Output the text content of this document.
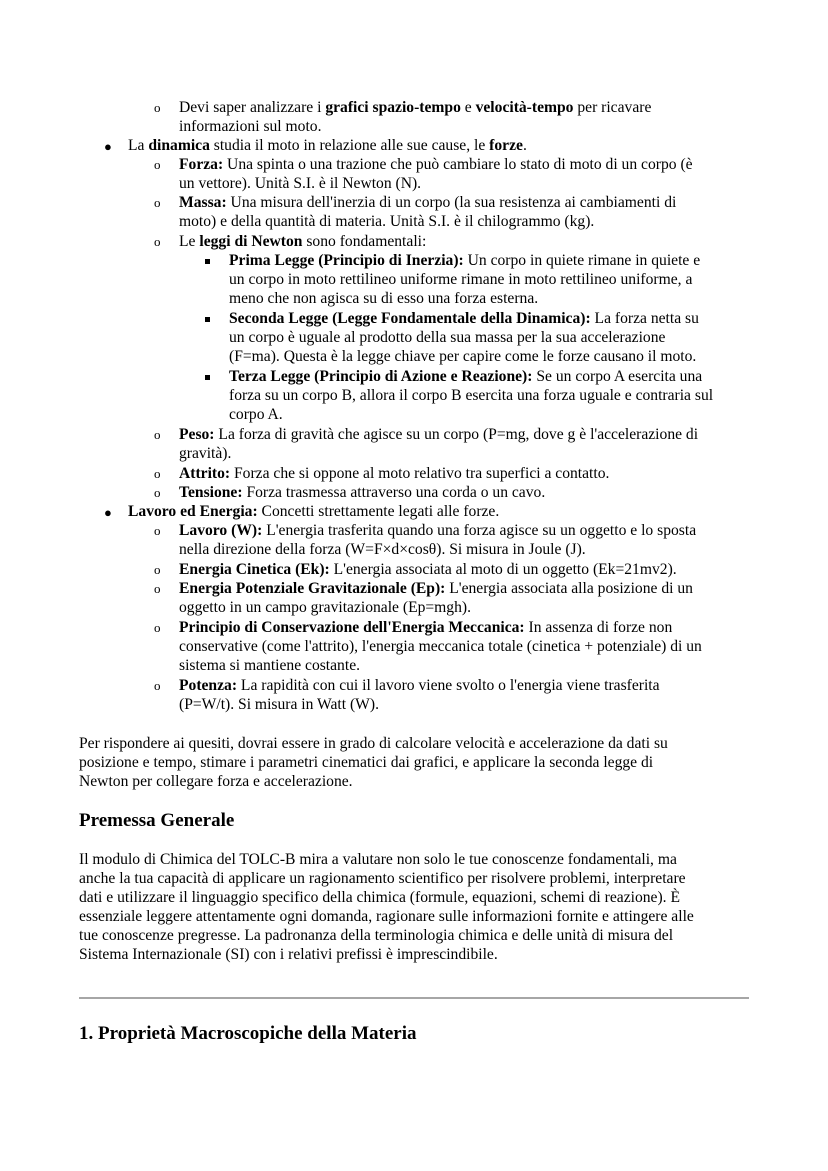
o Devi saper analizzare i grafici spazio-tempo e velocità-tempo per ricavare
informazioni sul moto.
● La dinamica studia il moto in relazione alle sue cause, le forze.
o Forza: Una spinta o una trazione che può cambiare lo stato di moto di un corpo (è
un vettore). Unità S.I. è il Newton (N).
o Massa: Una misura dell'inerzia di un corpo (la sua resistenza ai cambiamenti di
moto) e della quantità di materia. Unità S.I. è il chilogrammo (kg).
o Le leggi di Newton sono fondamentali:
Prima Legge (Principio di Inerzia): Un corpo in quiete rimane in quiete e
un corpo in moto rettilineo uniforme rimane in moto rettilineo uniforme, a
meno che non agisca su di esso una forza esterna.
Seconda Legge (Legge Fondamentale della Dinamica): La forza netta su
un corpo è uguale al prodotto della sua massa per la sua accelerazione
(F=ma). Questa è la legge chiave per capire come le forze causano il moto.
Terza Legge (Principio di Azione e Reazione): Se un corpo A esercita una
forza su un corpo B, allora il corpo B esercita una forza uguale e contraria sul
corpo A.
o Peso: La forza di gravità che agisce su un corpo (P=mg, dove g è l'accelerazione di
gravità).
o Attrito: Forza che si oppone al moto relativo tra superfici a contatto.
o Tensione: Forza trasmessa attraverso una corda o un cavo.
● Lavoro ed Energia: Concetti strettamente legati alle forze.
o Lavoro (W): L'energia trasferita quando una forza agisce su un oggetto e lo sposta
nella direzione della forza (W=F×d×cosθ). Si misura in Joule (J).
o Energia Cinetica (Ek): L'energia associata al moto di un oggetto (Ek=21mv2).
o Energia Potenziale Gravitazionale (Ep): L'energia associata alla posizione di un
oggetto in un campo gravitazionale (Ep=mgh).
o Principio di Conservazione dell'Energia Meccanica: In assenza di forze non
conservative (come l'attrito), l'energia meccanica totale (cinetica + potenziale) di un
sistema si mantiene costante.
o Potenza: La rapidità con cui il lavoro viene svolto o l'energia viene trasferita
(P=W/t). Si misura in Watt (W).
Per rispondere ai quesiti, dovrai essere in grado di calcolare velocità e accelerazione da dati su
posizione e tempo, stimare i parametri cinematici dai grafici, e applicare la seconda legge di
Newton per collegare forza e accelerazione.
Premessa Generale
Il modulo di Chimica del TOLC-B mira a valutare non solo le tue conoscenze fondamentali, ma
anche la tua capacità di applicare un ragionamento scientifico per risolvere problemi, interpretare
dati e utilizzare il linguaggio specifico della chimica (formule, equazioni, schemi di reazione). È
essenziale leggere attentamente ogni domanda, ragionare sulle informazioni fornite e attingere alle
tue conoscenze pregresse. La padronanza della terminologia chimica e delle unità di misura del
Sistema Internazionale (SI) con i relativi prefissi è imprescindibile.
1. Proprietà Macroscopiche della Materia
